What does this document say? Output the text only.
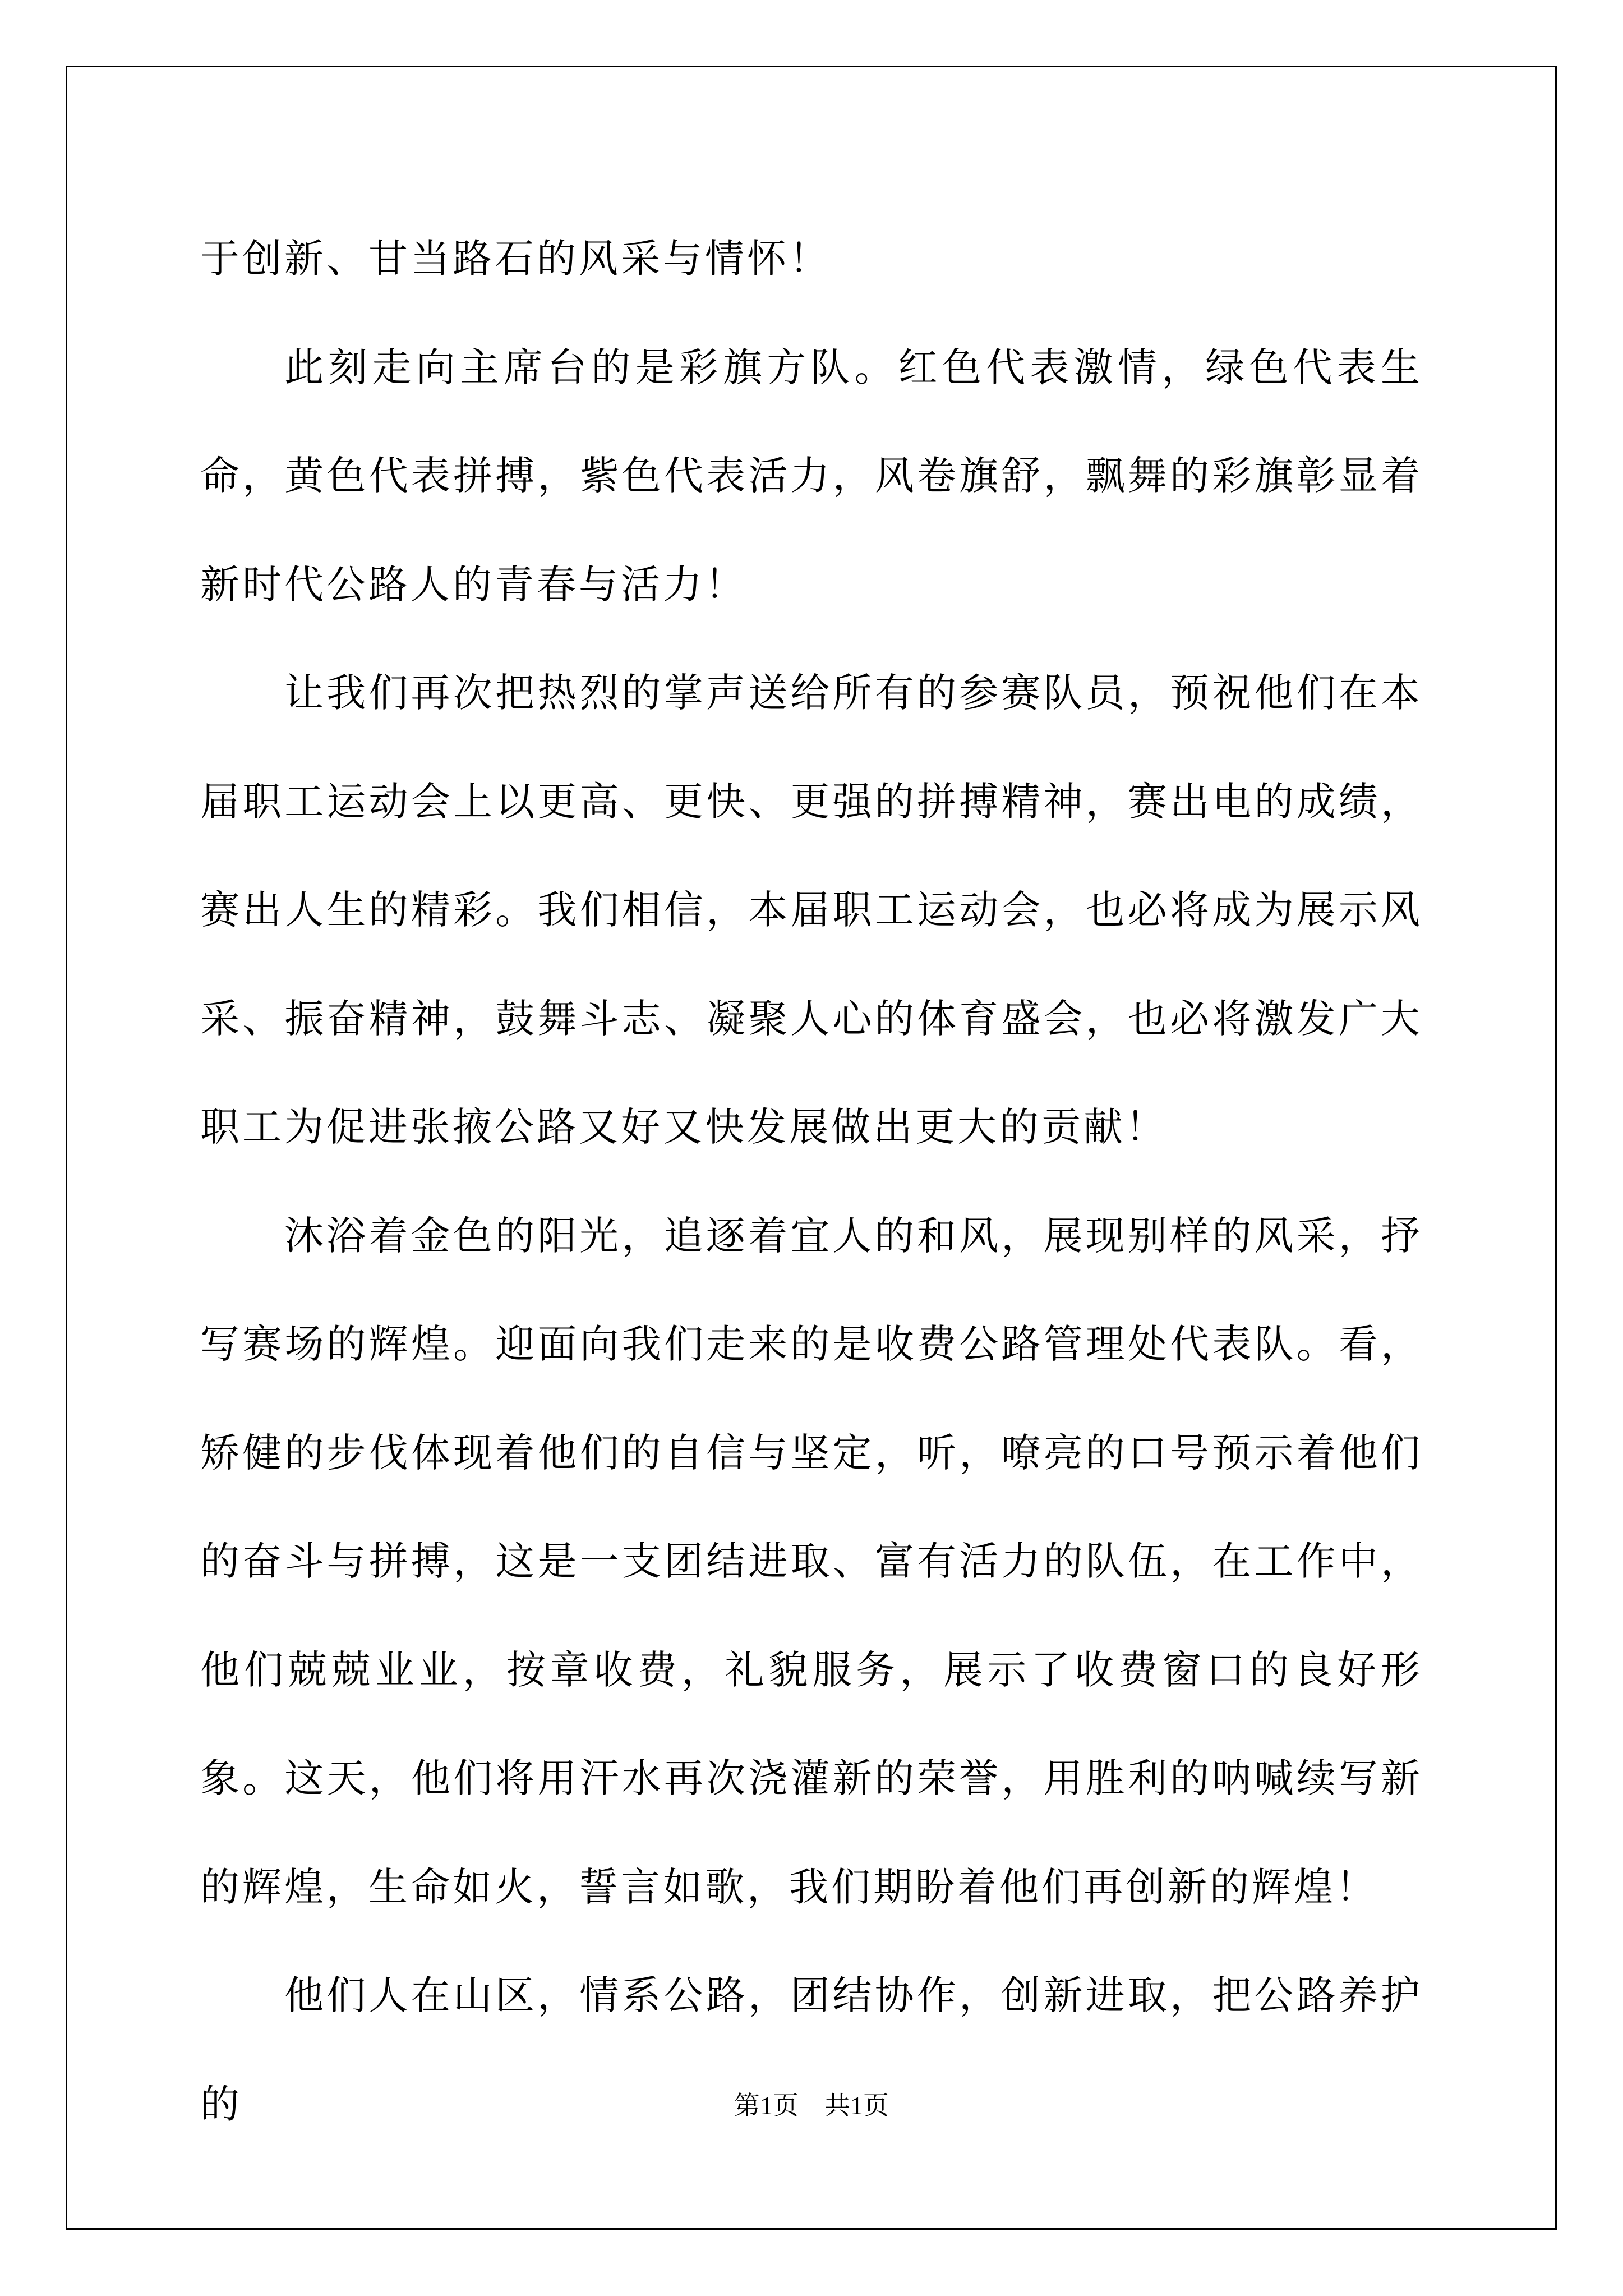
于创新、甘当路石的风采与情怀！

此刻走向主席台的是彩旗方队。红色代表激情，绿色代表生命，黄色代表拼搏，紫色代表活力，风卷旗舒，飘舞的彩旗彰显着新时代公路人的青春与活力！

让我们再次把热烈的掌声送给所有的参赛队员，预祝他们在本届职工运动会上以更高、更快、更强的拼搏精神，赛出电的成绩，赛出人生的精彩。我们相信，本届职工运动会，也必将成为展示风采、振奋精神，鼓舞斗志、凝聚人心的体育盛会，也必将激发广大职工为促进张掖公路又好又快发展做出更大的贡献！

沐浴着金色的阳光，追逐着宜人的和风，展现别样的风采，抒写赛场的辉煌。迎面向我们走来的是收费公路管理处代表队。看，矫健的步伐体现着他们的自信与坚定，听，嘹亮的口号预示着他们的奋斗与拼搏，这是一支团结进取、富有活力的队伍，在工作中，他们兢兢业业，按章收费，礼貌服务，展示了收费窗口的良好形象。这天，他们将用汗水再次浇灌新的荣誉，用胜利的呐喊续写新的辉煌，生命如火，誓言如歌，我们期盼着他们再创新的辉煌！

他们人在山区，情系公路，团结协作，创新进取，把公路养护的	第1页 共1页
